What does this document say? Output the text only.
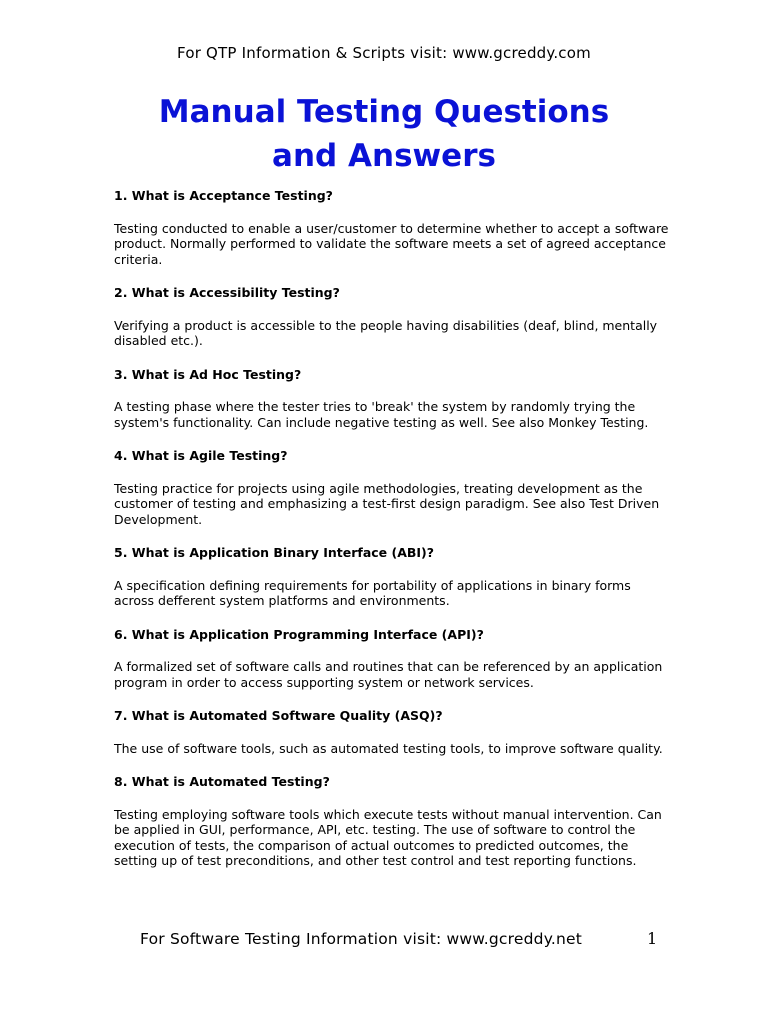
For QTP Information & Scripts visit: www.gcreddy.com
Manual Testing Questions
and Answers
1. What is Acceptance Testing?
Testing conducted to enable a user/customer to determine whether to accept a software product. Normally performed to validate the software meets a set of agreed acceptance criteria.
2. What is Accessibility Testing?
Verifying a product is accessible to the people having disabilities (deaf, blind, mentally disabled etc.).
3. What is Ad Hoc Testing?
A testing phase where the tester tries to 'break' the system by randomly trying the system's functionality. Can include negative testing as well. See also Monkey Testing.
4. What is Agile Testing?
Testing practice for projects using agile methodologies, treating development as the customer of testing and emphasizing a test-first design paradigm. See also Test Driven Development.
5. What is Application Binary Interface (ABI)?
A specification defining requirements for portability of applications in binary forms across defferent system platforms and environments.
6. What is Application Programming Interface (API)?
A formalized set of software calls and routines that can be referenced by an application program in order to access supporting system or network services.
7. What is Automated Software Quality (ASQ)?
The use of software tools, such as automated testing tools, to improve software quality.
8. What is Automated Testing?
Testing employing software tools which execute tests without manual intervention. Can be applied in GUI, performance, API, etc. testing. The use of software to control the execution of tests, the comparison of actual outcomes to predicted outcomes, the setting up of test preconditions, and other test control and test reporting functions.
For Software Testing Information visit: www.gcreddy.net	1
